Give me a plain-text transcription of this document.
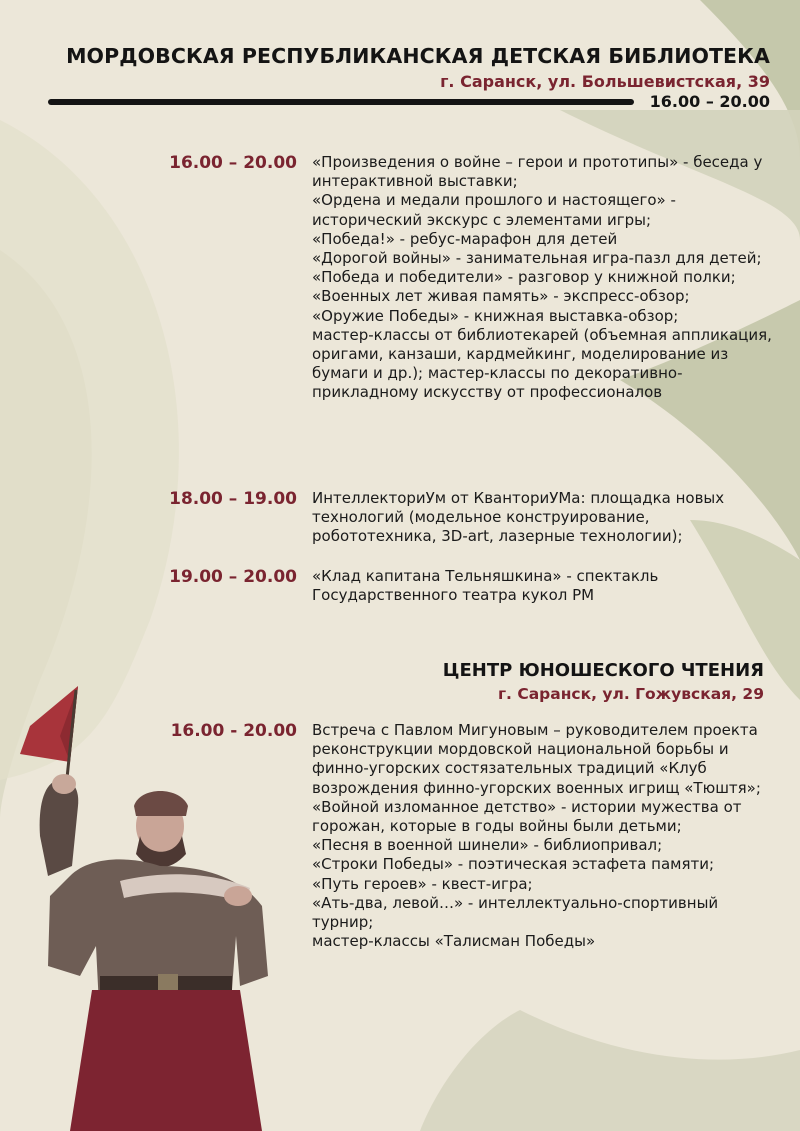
МОРДОВСКАЯ РЕСПУБЛИКАНСКАЯ ДЕТСКАЯ БИБЛИОТЕКА
г. Саранск, ул. Большевистская, 39
16.00 – 20.00
16.00 – 20.00 «Произведения о войне – герои и прототипы» - беседа у интерактивной выставки;
«Ордена и медали прошлого и настоящего» - исторический экскурс с элементами игры;
«Победа!» - ребус-марафон для детей
«Дорогой войны» - занимательная игра-пазл для детей;
«Победа и победители» - разговор у книжной полки;
«Военных лет живая память» - экспресс-обзор;
«Оружие Победы» - книжная выставка-обзор;
мастер-классы от библиотекарей (объемная аппликация, оригами, канзаши, кардмейкинг, моделирование из бумаги и др.); мастер-классы по декоративно-прикладному искусству от профессионалов
18.00 – 19.00 ИнтеллекториУм от КванториУМа: площадка новых технологий (модельное конструирование, робототехника, 3D-art, лазерные технологии);
19.00 – 20.00 «Клад капитана Тельняшкина» - спектакль Государственного театра кукол РМ
ЦЕНТР ЮНОШЕСКОГО ЧТЕНИЯ
г. Саранск, ул. Гожувская, 29
16.00 - 20.00 Встреча с Павлом Мигуновым – руководителем проекта реконструкции мордовской национальной борьбы и финно-угорских состязательных традиций «Клуб возрождения финно-угорских военных игрищ «Тюштя»;
«Войной изломанное детство» - истории мужества от горожан, которые в годы войны были детьми;
«Песня в военной шинели» - библиопривал;
«Строки Победы» - поэтическая эстафета памяти;
«Путь героев» - квест-игра;
«Ать-два, левой…» - интеллектуально-спортивный турнир;
мастер-классы «Талисман Победы»
